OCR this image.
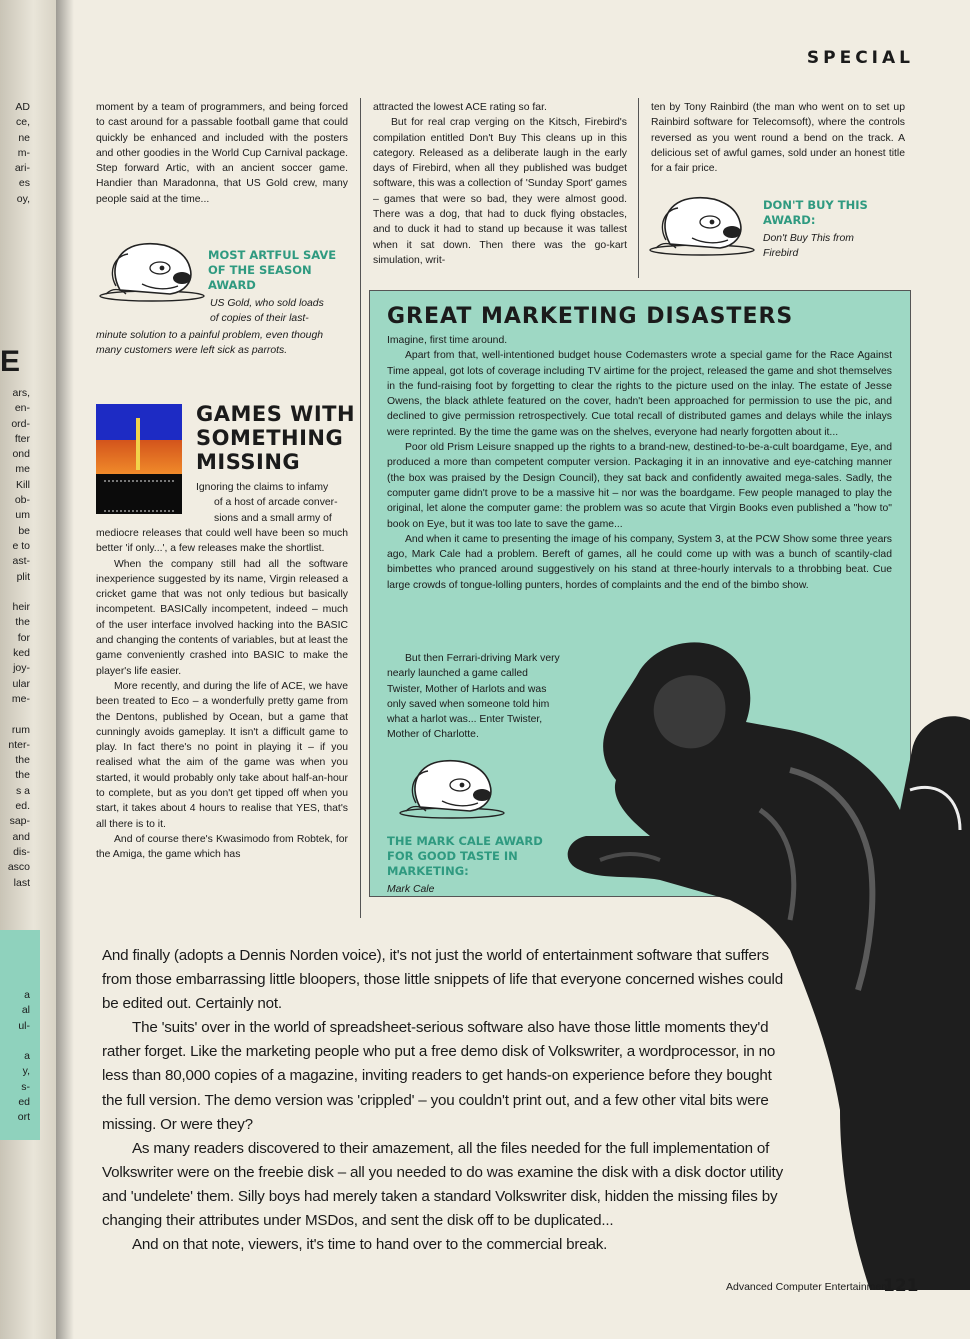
AD
ce,
ne
m-
ari-
es
oy,
E
ars,
en-
ord-
fter
ond
me
Kill
ob-
um
be
e to
ast-
plit

heir
the
for
ked
joy-
ular
me-

rum
nter-
the
the
s a
ed.
sap-
and
dis-
asco
last
a
al
ul-

a
y,
s-
ed
ort
SPECIAL

moment by a team of programmers, and being forced to cast around for a passable football game that could quickly be enhanced and included with the posters and other goodies in the World Cup Carnival package. Step forward Artic, with an ancient soccer game. Handier than Maradonna, that US Gold crew, many people said at the time...

MOST ARTFUL SAVE OF THE SEASON AWARD
US Gold, who sold loads
of copies of their last-
minute solution to a painful problem, even though many customers were left sick as parrots.
GAMES WITH
SOMETHING
MISSING

Ignoring the claims to infamy

of a host of arcade conver-

sions and a small army of

mediocre releases that could well have been so much better 'if only...', a few releases make the shortlist.

When the company still had all the software inexperience suggested by its name, Virgin released a cricket game that was not only tedious but basically incompetent. BASICally incompetent, indeed – much of the user interface involved hacking into the BASIC and changing the contents of variables, but at least the game conveniently crashed into BASIC to make the player's life easier.

More recently, and during the life of ACE, we have been treated to Eco – a wonderfully pretty game from the Dentons, published by Ocean, but a game that cunningly avoids gameplay. It isn't a difficult game to play. In fact there's no point in playing it – if you realised what the aim of the game was when you started, it would probably only take about half-an-hour to complete, but as you don't get tipped off when you start, it takes about 4 hours to realise that YES, that's all there is to it.

And of course there's Kwasimodo from Robtek, for the Amiga, the game which has

attracted the lowest ACE rating so far.

But for real crap verging on the Kitsch, Firebird's compilation entitled Don't Buy This cleans up in this category. Released as a deliberate laugh in the early days of Firebird, when all they published was budget software, this was a collection of 'Sunday Sport' games – games that were so bad, they were almost good. There was a dog, that had to duck flying obstacles, and to duck it had to stand up because it was tallest when it sat down. Then there was the go-kart simulation, writ-

ten by Tony Rainbird (the man who went on to set up Rainbird software for Telecomsoft), where the controls reversed as you went round a bend on the track. A delicious set of awful games, sold under an honest title for a fair price.

DON'T BUY THIS AWARD:
Don't Buy This from Firebird
GREAT MARKETING DISASTERS

Imagine, first time around.

Apart from that, well-intentioned budget house Codemasters wrote a special game for the Race Against Time appeal, got lots of coverage including TV airtime for the project, released the game and shot themselves in the fund-raising foot by forgetting to clear the rights to the picture used on the inlay. The estate of Jesse Owens, the black athlete featured on the cover, hadn't been approached for permission to use the pic, and declined to give permission retrospectively. Cue total recall of distributed games and delays while the inlays were reprinted. By the time the game was on the shelves, everyone had nearly forgotten about it...

Poor old Prism Leisure snapped up the rights to a brand-new, destined-to-be-a-cult boardgame, Eye, and produced a more than competent computer version. Packaging it in an innovative and eye-catching manner (the box was praised by the Design Council), they sat back and confidently awaited mega-sales. Sadly, the computer game didn't prove to be a massive hit – nor was the boardgame. Few people managed to play the original, let alone the computer game: the problem was so acute that Virgin Books even published a "how to" book on Eye, but it was too late to save the game...

And when it came to presenting the image of his company, System 3, at the PCW Show some three years ago, Mark Cale had a problem. Bereft of games, all he could come up with was a bunch of scantily-clad bimbettes who pranced around suggestively on his stand at three-hourly intervals to a throbbing beat. Cue large crowds of tongue-lolling punters, hordes of complaints and the end of the bimbo show.

But then Ferrari-driving Mark very nearly launched a game called Twister, Mother of Harlots and was only saved when someone told him what a harlot was... Enter Twister, Mother of Charlotte.

THE MARK CALE AWARD FOR GOOD TASTE IN MARKETING:
Mark Cale

And finally (adopts a Dennis Norden voice), it's not just the world of entertainment software that suffers from those embarrassing little bloopers, those little snippets of life that everyone concerned wishes could be edited out. Certainly not.

The 'suits' over in the world of spreadsheet-serious software also have those little moments they'd rather forget. Like the marketing people who put a free demo disk of Volkswriter, a wordprocessor, in no less than 80,000 copies of a magazine, inviting readers to get hands-on experience before they bought the full version. The demo version was 'crippled' – you couldn't print out, and a few other vital bits were missing. Or were they?

As many readers discovered to their amazement, all the files needed for the full implementation of Volkswriter were on the freebie disk – all you needed to do was examine the disk with a disk doctor utility and 'undelete' them. Silly boys had merely taken a standard Volkswriter disk, hidden the missing files by changing their attributes under MSDos, and sent the disk off to be duplicated...

And on that note, viewers, it's time to hand over to the commercial break.

Advanced Computer Entertainment
121
